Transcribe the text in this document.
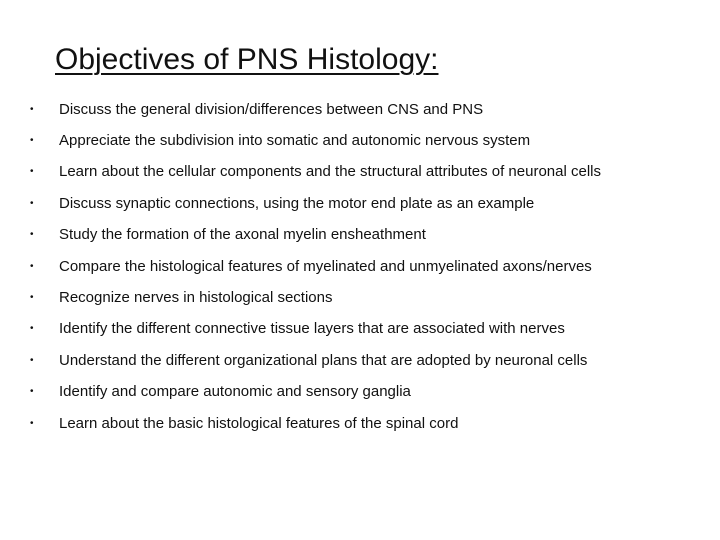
Objectives of PNS Histology:
•	Discuss the general division/differences between CNS and PNS
•	Appreciate the subdivision into somatic and autonomic nervous system
•	Learn about the cellular components and the structural attributes of neuronal cells
•	Discuss synaptic connections, using the motor end plate as an example
•	Study the formation of the axonal myelin ensheathment
•	Compare the histological features of myelinated and unmyelinated axons/nerves
•	Recognize nerves in histological sections
•	Identify the different connective tissue layers that are associated with nerves
•	Understand the different organizational plans that are adopted by neuronal cells
•	Identify and compare autonomic and sensory ganglia
•	Learn about the basic histological features of the spinal cord
